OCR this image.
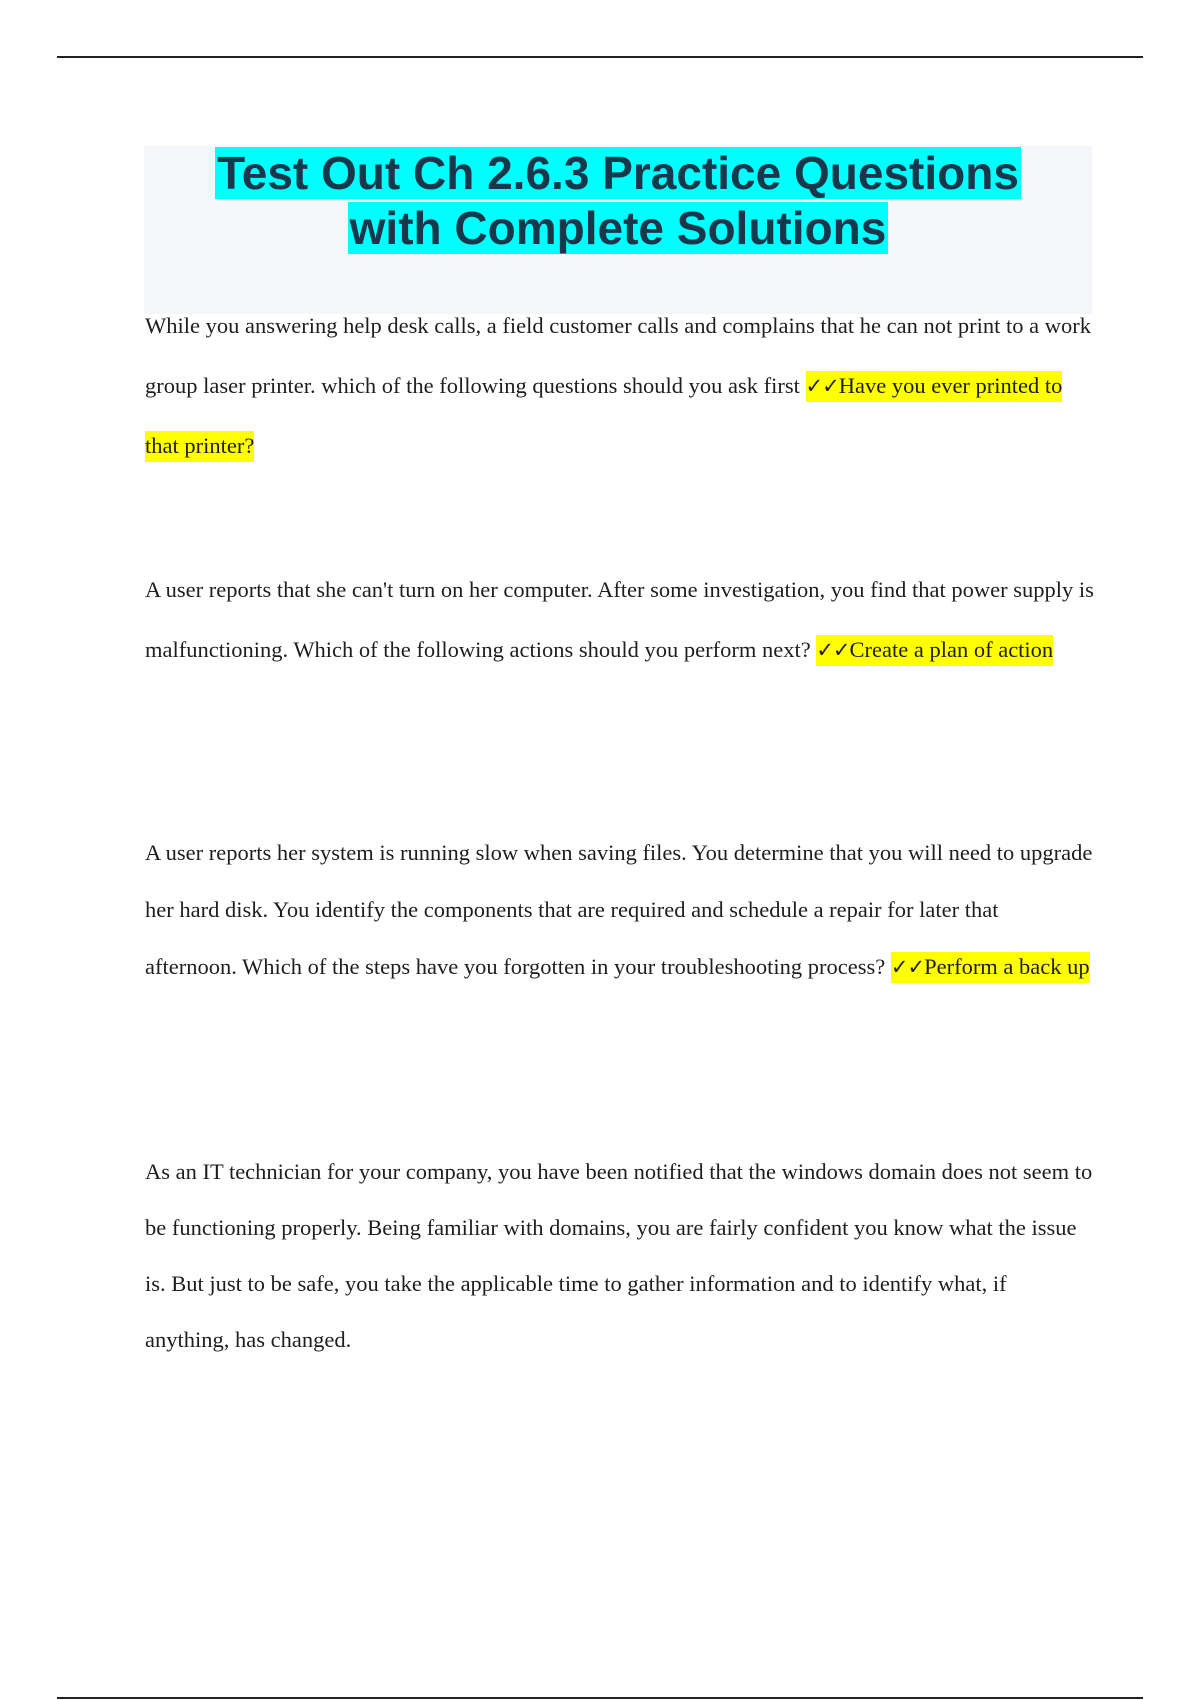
Test Out Ch 2.6.3 Practice Questions
with Complete Solutions

While you answering help desk calls, a field customer calls and complains that he can not print to a work group laser printer. which of the following questions should you ask first ✓✓Have you ever printed to that printer?

A user reports that she can't turn on her computer. After some investigation, you find that power supply is malfunctioning. Which of the following actions should you perform next? ✓✓Create a plan of action

A user reports her system is running slow when saving files. You determine that you will need to upgrade her hard disk. You identify the components that are required and schedule a repair for later that afternoon. Which of the steps have you forgotten in your troubleshooting process? ✓✓Perform a back up

As an IT technician for your company, you have been notified that the windows domain does not seem to be functioning properly. Being familiar with domains, you are fairly confident you know what the issue is. But just to be safe, you take the applicable time to gather information and to identify what, if anything, has changed.
